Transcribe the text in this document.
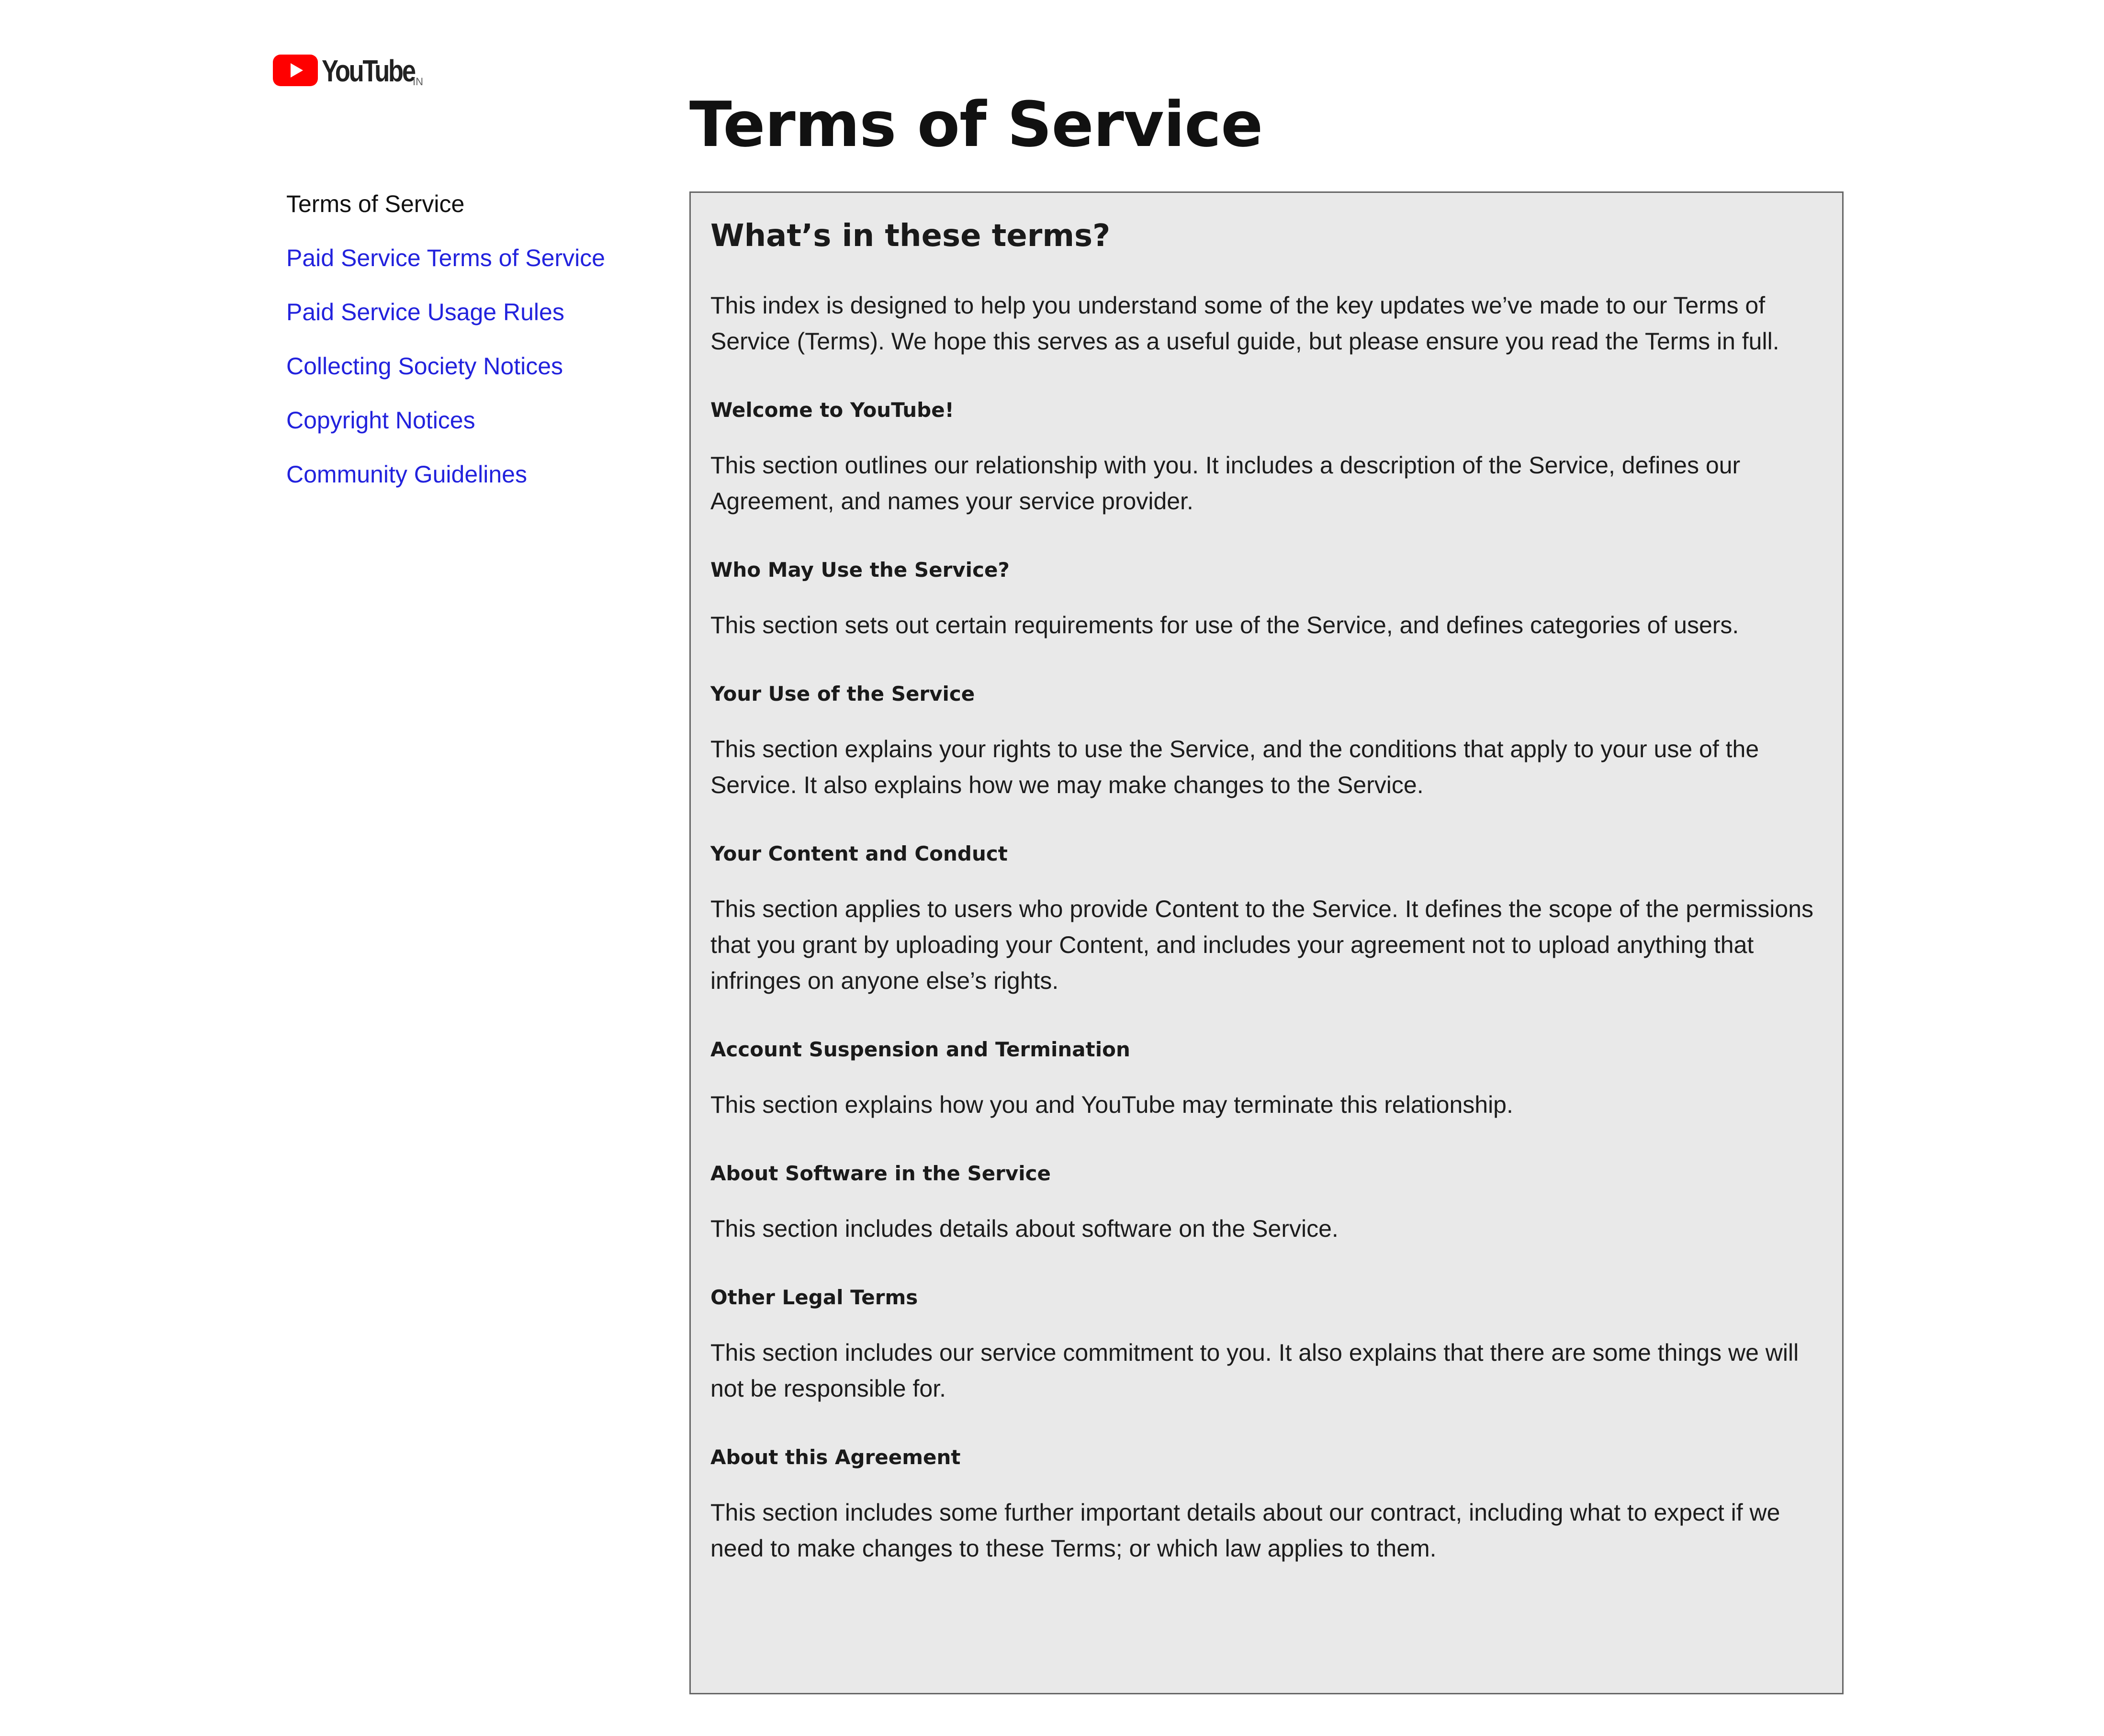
YouTube
IN
Terms of Service
Terms of Service
Paid Service Terms of Service
Paid Service Usage Rules
Collecting Society Notices
Copyright Notices
Community Guidelines
What’s in these terms?

This index is designed to help you understand some of the key updates we’ve made to our Terms of Service (Terms). We hope this serves as a useful guide, but please ensure you read the Terms in full.

Welcome to YouTube!

This section outlines our relationship with you. It includes a description of the Service, defines our Agreement, and names your service provider.

Who May Use the Service?

This section sets out certain requirements for use of the Service, and defines categories of users.

Your Use of the Service

This section explains your rights to use the Service, and the conditions that apply to your use of the Service. It also explains how we may make changes to the Service.

Your Content and Conduct

This section applies to users who provide Content to the Service. It defines the scope of the permissions that you grant by uploading your Content, and includes your agreement not to upload anything that infringes on anyone else’s rights.

Account Suspension and Termination

This section explains how you and YouTube may terminate this relationship.

About Software in the Service

This section includes details about software on the Service.

Other Legal Terms

This section includes our service commitment to you. It also explains that there are some things we will not be responsible for.

About this Agreement

This section includes some further important details about our contract, including what to expect if we need to make changes to these Terms; or which law applies to them.
